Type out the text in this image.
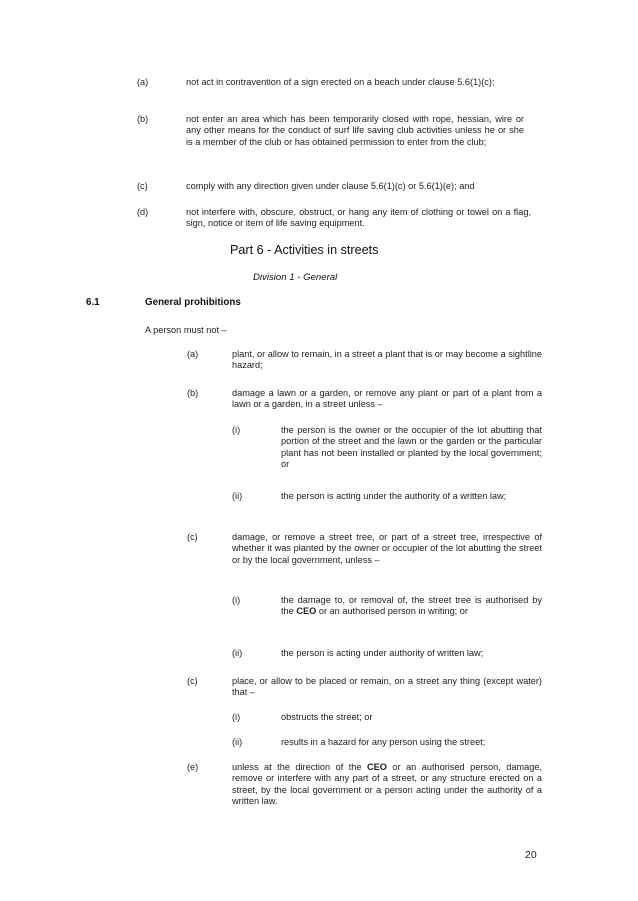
(a)	not act in contravention of a sign erected on a beach under clause 5.6(1)(c);
(b)	not enter an area which has been temporarily closed with rope, hessian, wire or any other means for the conduct of surf life saving club activities unless he or she is a member of the club or has obtained permission to enter from the club;
(c)	comply with any direction given under clause 5.6(1)(c) or 5.6(1)(e); and
(d)	not interfere with, obscure, obstruct, or hang any item of clothing or towel on a flag, sign, notice or item of life saving equipment.
Part 6 - Activities in streets
Division 1 - General
6.1	General prohibitions
A person must not –
(a)	plant, or allow to remain, in a street a plant that is or may become a sightline hazard;
(b)	damage a lawn or a garden, or remove any plant or part of a plant from a lawn or a garden, in a street unless –
(i)	the person is the owner or the occupier of the lot abutting that portion of the street and the lawn or the garden or the particular plant has not been installed or planted by the local government; or
(ii)	the person is acting under the authority of a written law;
(c)	damage, or remove a street tree, or part of a street tree, irrespective of whether it was planted by the owner or occupier of the lot abutting the street or by the local government, unless –
(i)	the damage to, or removal of, the street tree is authorised by the CEO or an authorised person in writing; or
(ii)	the person is acting under authority of written law;
(c)	place, or allow to be placed or remain, on a street any thing (except water) that –
(i)	obstructs the street; or
(ii)	results in a hazard for any person using the street;
(e)	unless at the direction of the CEO or an authorised person, damage, remove or interfere with any part of a street, or any structure erected on a street, by the local government or a person acting under the authority of a written law.
20
